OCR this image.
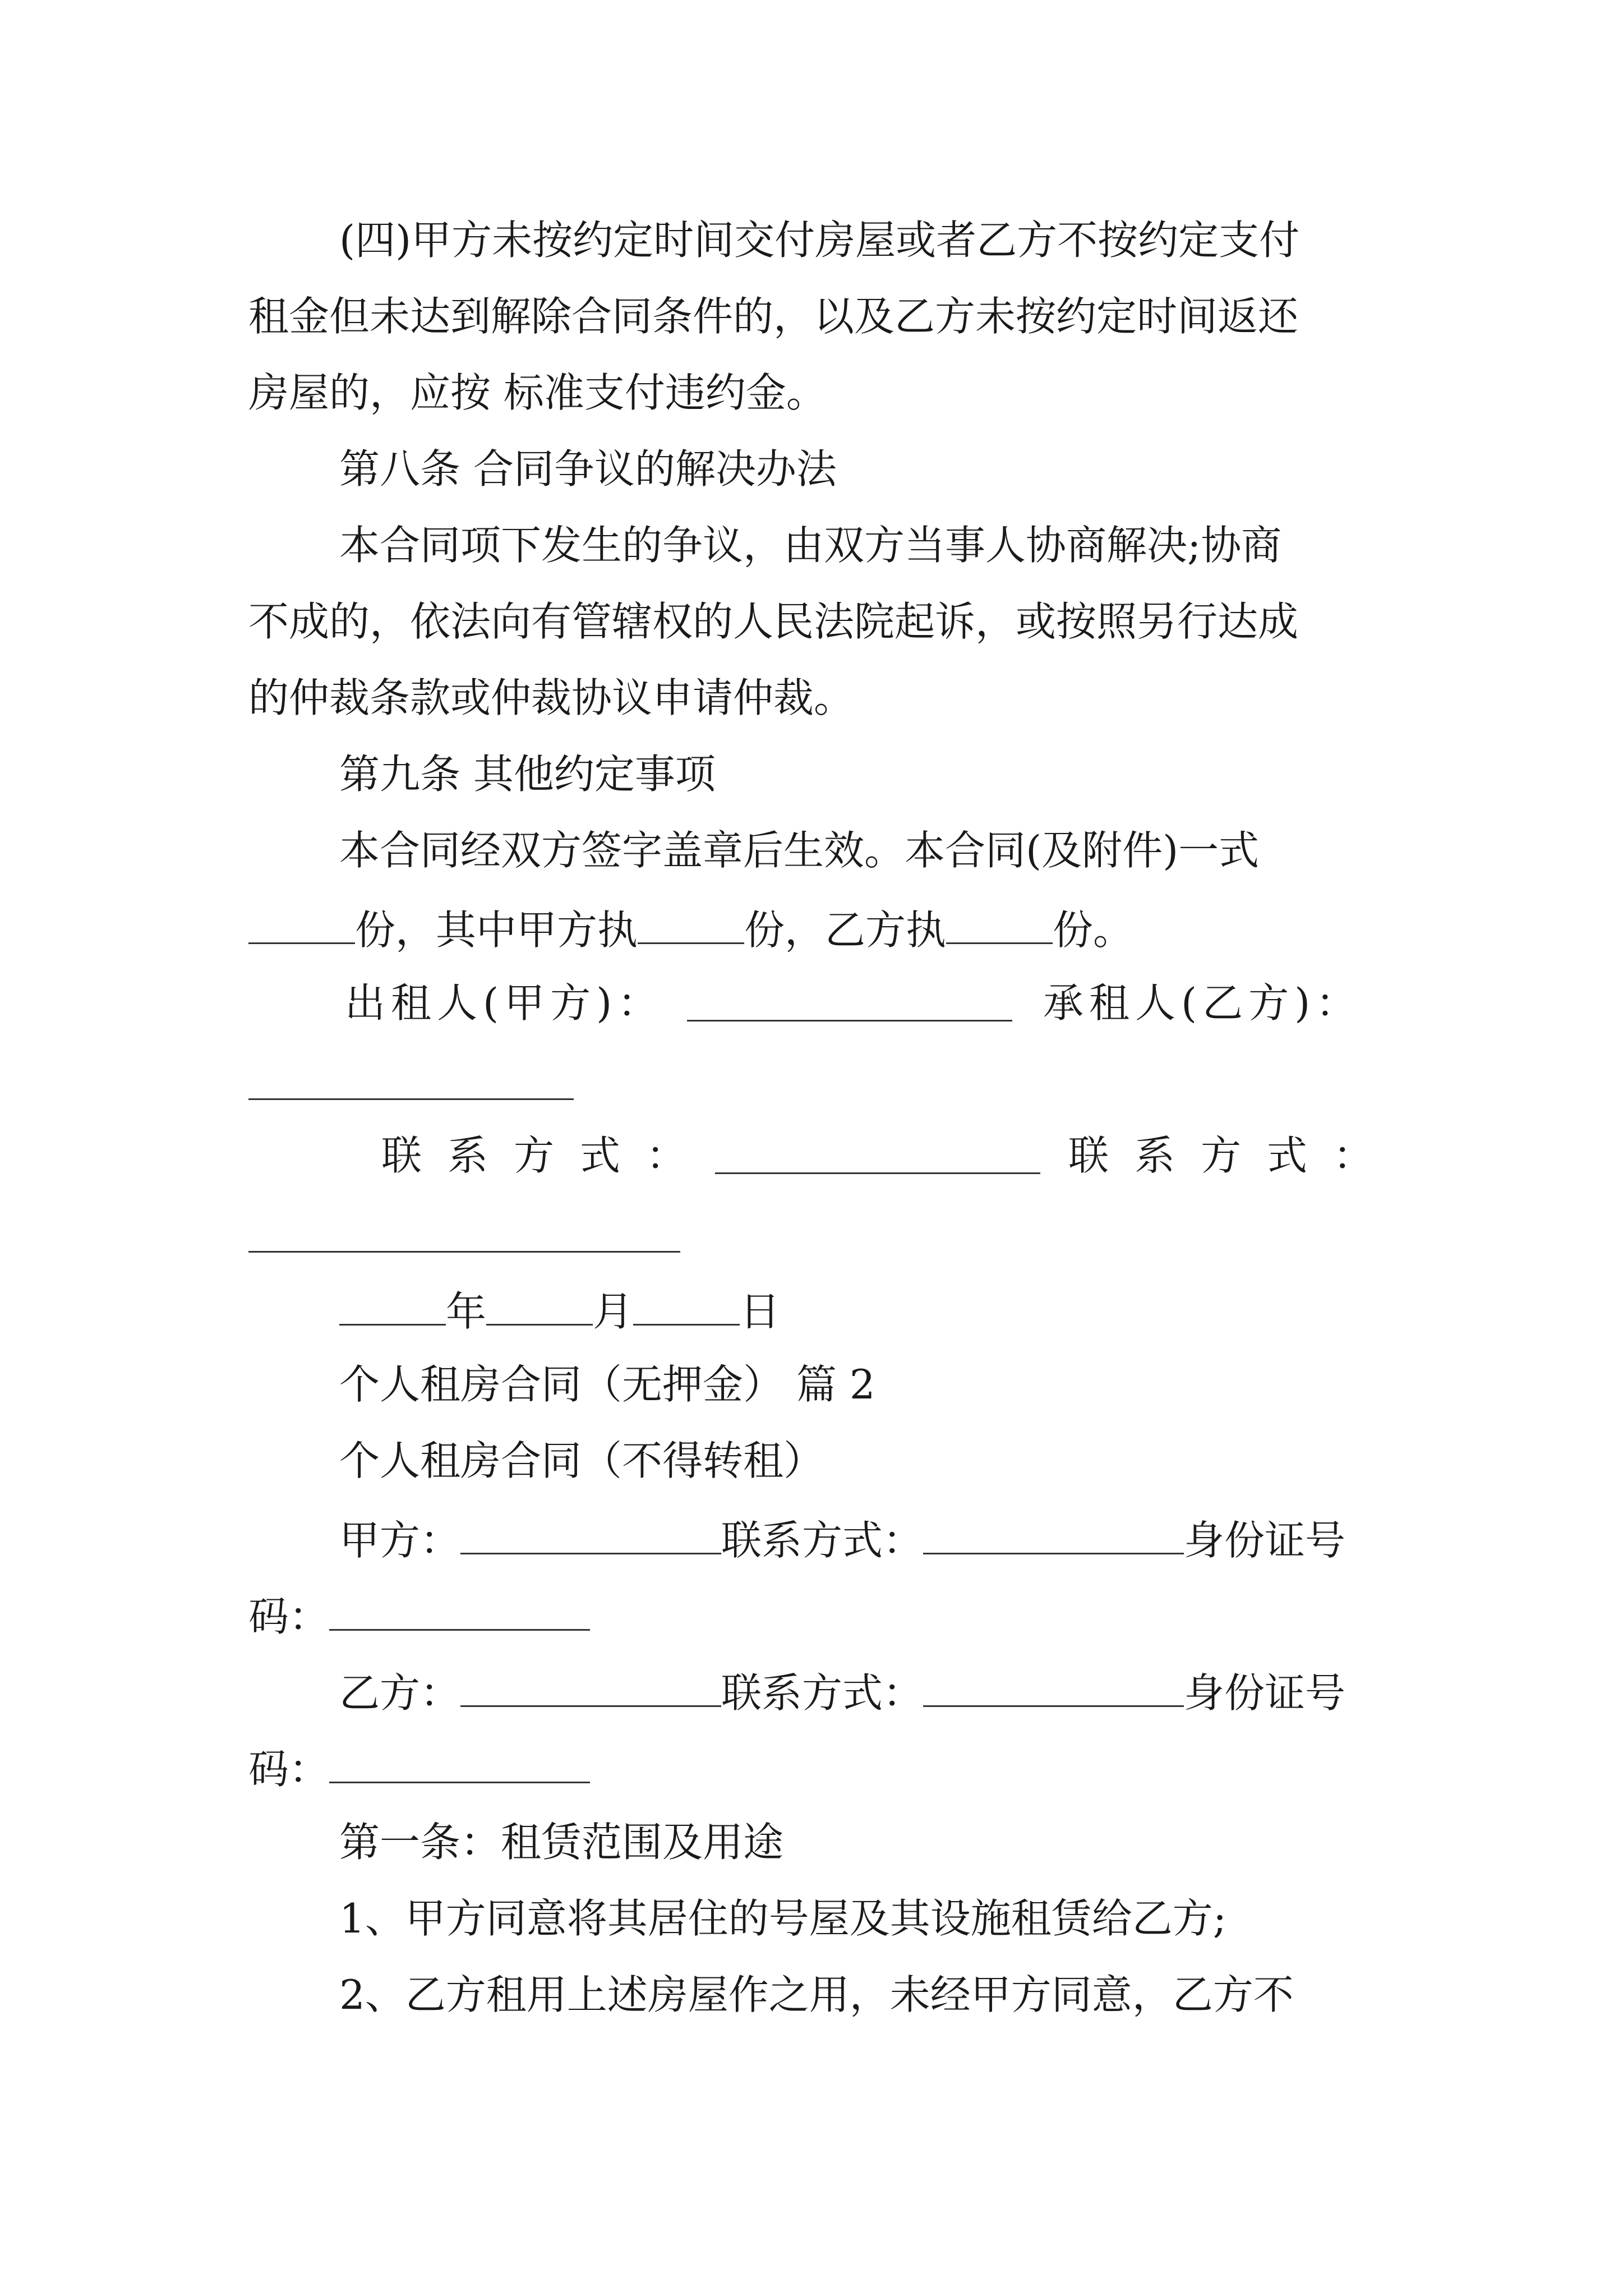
(四)甲方未按约定时间交付房屋或者乙方不按约定支付
租金但未达到解除合同条件的，以及乙方未按约定时间返还
房屋的，应按 标准支付违约金。
第八条 合同争议的解决办法
本合同项下发生的争议，由双方当事人协商解决;协商
不成的，依法向有管辖权的人民法院起诉，或按照另行达成
的仲裁条款或仲裁协议申请仲裁。
第九条 其他约定事项
本合同经双方签字盖章后生效。本合同(及附件)一式
份，其中甲方执	份，乙方执	份。
出租人(甲方)：	承租人(乙方)：
联系方式：	联系方式：
年	月	日
个人租房合同（无押金） 篇 2
个人租房合同（不得转租）
甲方：	联系方式：	身份证号
码：
乙方：	联系方式：	身份证号
码：
第一条：租赁范围及用途
1、甲方同意将其居住的号屋及其设施租赁给乙方;
2、乙方租用上述房屋作之用，未经甲方同意，乙方不
